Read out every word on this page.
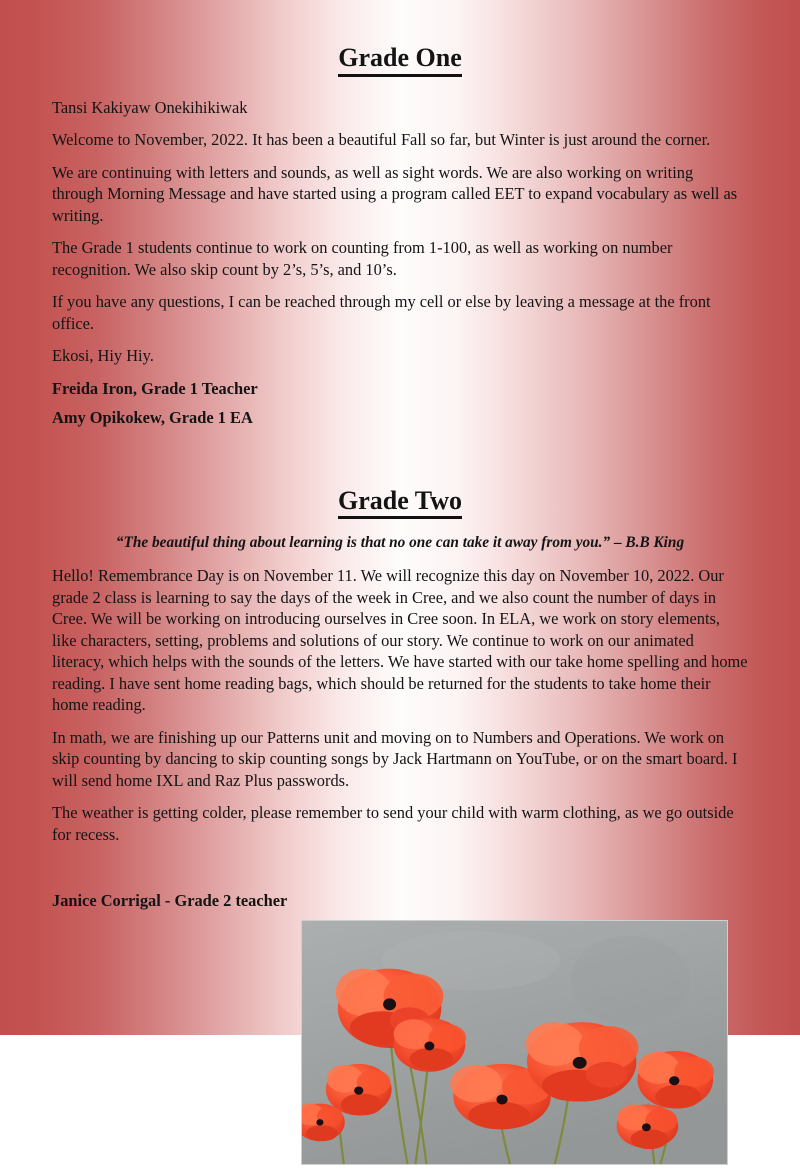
Grade One

Tansi Kakiyaw Onekihikiwak

Welcome to November, 2022. It has been a beautiful Fall so far, but Winter is just around the corner.

We are continuing with letters and sounds, as well as sight words. We are also working on writing through Morning Message and have started using a program called EET to expand vocabulary as well as writing.

The Grade 1 students continue to work on counting from 1-100, as well as working on number recognition. We also skip count by 2’s, 5’s, and 10’s.

If you have any questions, I can be reached through my cell or else by leaving a message at the front office.

Ekosi, Hiy Hiy.

Freida Iron, Grade 1 Teacher

Amy Opikokew, Grade 1 EA

Grade Two

“The beautiful thing about learning is that no one can take it away from you.” – B.B King

Hello! Remembrance Day is on November 11. We will recognize this day on November 10, 2022. Our grade 2 class is learning to say the days of the week in Cree, and we also count the number of days in Cree. We will be working on introducing ourselves in Cree soon. In ELA, we work on story elements, like characters, setting, problems and solutions of our story. We continue to work on our animated literacy, which helps with the sounds of the letters. We have started with our take home spelling and home reading. I have sent home reading bags, which should be returned for the students to take home their home reading.

In math, we are finishing up our Patterns unit and moving on to Numbers and Operations. We work on skip counting by dancing to skip counting songs by Jack Hartmann on YouTube, or on the smart board. I will send home IXL and Raz Plus passwords.

The weather is getting colder, please remember to send your child with warm clothing, as we go outside for recess.

Janice Corrigal - Grade 2 teacher
